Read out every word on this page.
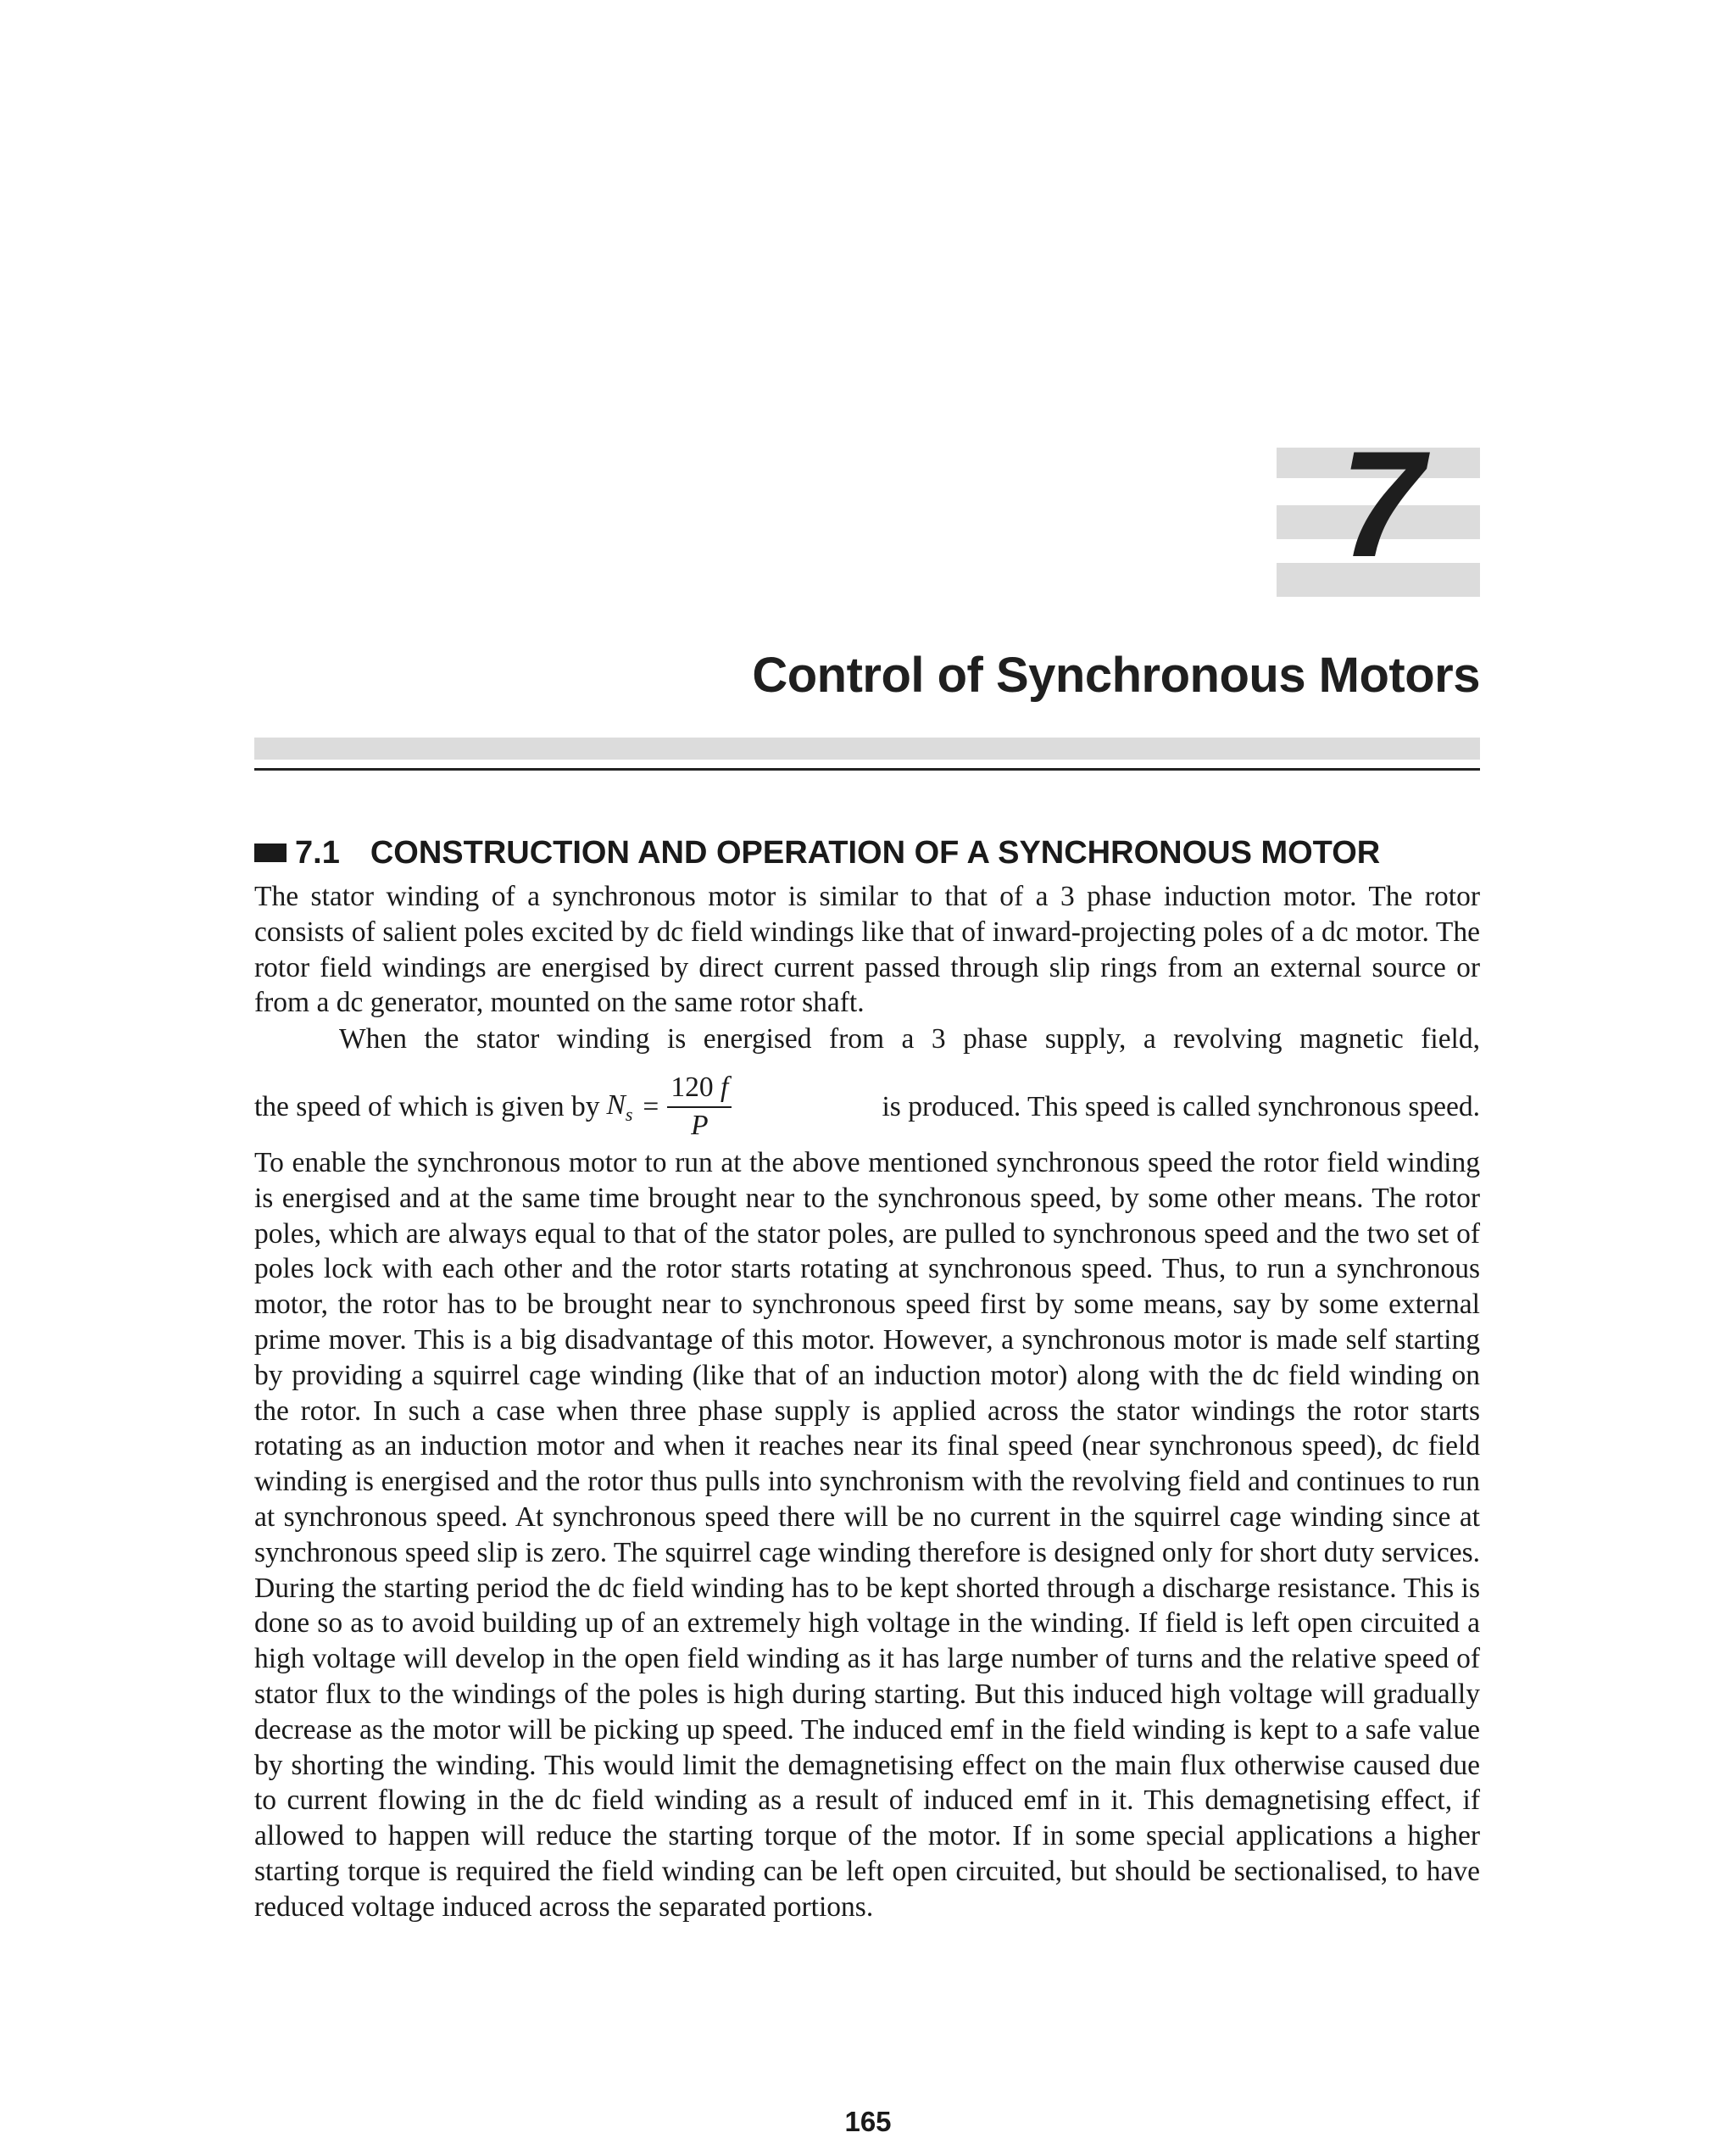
7
Control of Synchronous Motors
7.1 CONSTRUCTION AND OPERATION OF A SYNCHRONOUS MOTOR
The stator winding of a synchronous motor is similar to that of a 3 phase induction motor. The rotor consists of salient poles excited by dc field windings like that of inward-projecting poles of a dc motor. The rotor field windings are energised by direct current passed through slip rings from an external source or from a dc generator, mounted on the same rotor shaft.
When the stator winding is energised from a 3 phase supply, a revolving magnetic field,
the speed of which is given by $N_s = \frac{120 f}{P}$	is produced. This speed is called synchronous speed.
To enable the synchronous motor to run at the above mentioned synchronous speed the rotor field winding is energised and at the same time brought near to the synchronous speed, by some other means. The rotor poles, which are always equal to that of the stator poles, are pulled to synchronous speed and the two set of poles lock with each other and the rotor starts rotating at synchronous speed. Thus, to run a synchronous motor, the rotor has to be brought near to synchronous speed first by some means, say by some external prime mover. This is a big disadvantage of this motor. However, a synchronous motor is made self starting by providing a squirrel cage winding (like that of an induction motor) along with the dc field winding on the rotor. In such a case when three phase supply is applied across the stator windings the rotor starts rotating as an induction motor and when it reaches near its final speed (near synchronous speed), dc field winding is energised and the rotor thus pulls into synchronism with the revolving field and continues to run at synchronous speed. At synchronous speed there will be no current in the squirrel cage winding since at synchronous speed slip is zero. The squirrel cage winding therefore is designed only for short duty services. During the starting period the dc field winding has to be kept shorted through a discharge resistance. This is done so as to avoid building up of an extremely high voltage in the winding. If field is left open circuited a high voltage will develop in the open field winding as it has large number of turns and the relative speed of stator flux to the windings of the poles is high during starting. But this induced high voltage will gradually decrease as the motor will be picking up speed. The induced emf in the field winding is kept to a safe value by shorting the winding. This would limit the demagnetising effect on the main flux otherwise caused due to current flowing in the dc field winding as a result of induced emf in it. This demagnetising effect, if allowed to happen will reduce the starting torque of the motor. If in some special applications a higher starting torque is required the field winding can be left open circuited, but should be sectionalised, to have reduced voltage induced across the separated portions.
165
